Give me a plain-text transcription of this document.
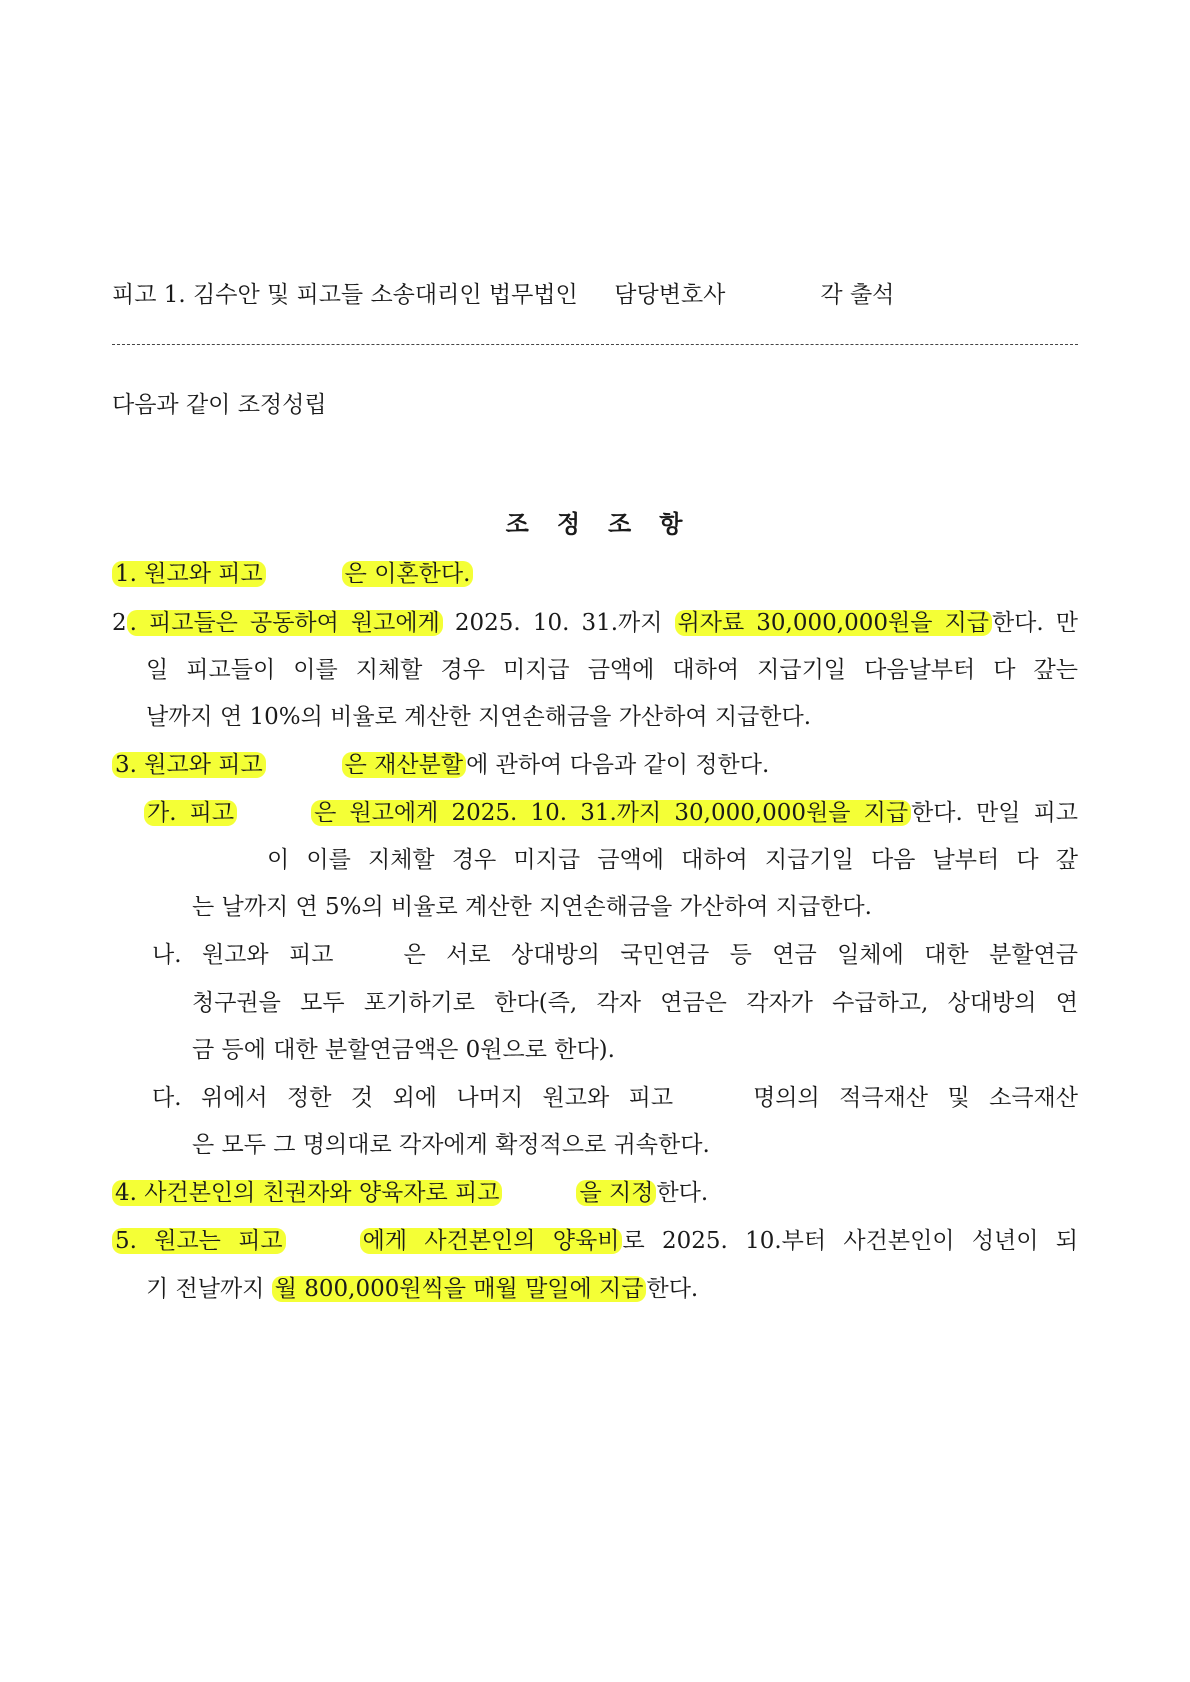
피고 1. 김수안 및 피고들 소송대리인 법무법인     담당변호사             각 출석
다음과 같이 조정성립
조 정 조 항
1. 원고와 피고	은 이혼한다.
2 . 피고들은 공동하여 원고에게 2025. 10. 31.까지 위자료 30,000,000원을 지급 한다. 만
일 피고들이 이를 지체할 경우 미지급 금액에 대하여 지급기일 다음날부터 다 갚는
날까지 연 10%의 비율로 계산한 지연손해금을 가산하여 지급한다.
3. 원고와 피고	은 재산분할 에 관하여 다음과 같이 정한다.
가. 피고	은 원고에게 2025. 10. 31.까지 30,000,000원을 지급 한다. 만일 피고
이 이를 지체할 경우 미지급 금액에 대하여 지급기일 다음 날부터 다 갚
는 날까지 연 5%의 비율로 계산한 지연손해금을 가산하여 지급한다.
나. 원고와 피고	은 서로 상대방의 국민연금 등 연금 일체에 대한 분할연금
청구권을 모두 포기하기로 한다(즉, 각자 연금은 각자가 수급하고, 상대방의 연
금 등에 대한 분할연금액은 0원으로 한다).
다. 위에서 정한 것 외에 나머지 원고와 피고	명의의 적극재산 및 소극재산
은 모두 그 명의대로 각자에게 확정적으로 귀속한다.
4. 사건본인의 친권자와 양육자로 피고	을 지정 한다.
5. 원고는 피고	에게 사건본인의 양육비 로 2025. 10.부터 사건본인이 성년이 되
기 전날까지 월 800,000원씩을 매월 말일에 지급 한다.
